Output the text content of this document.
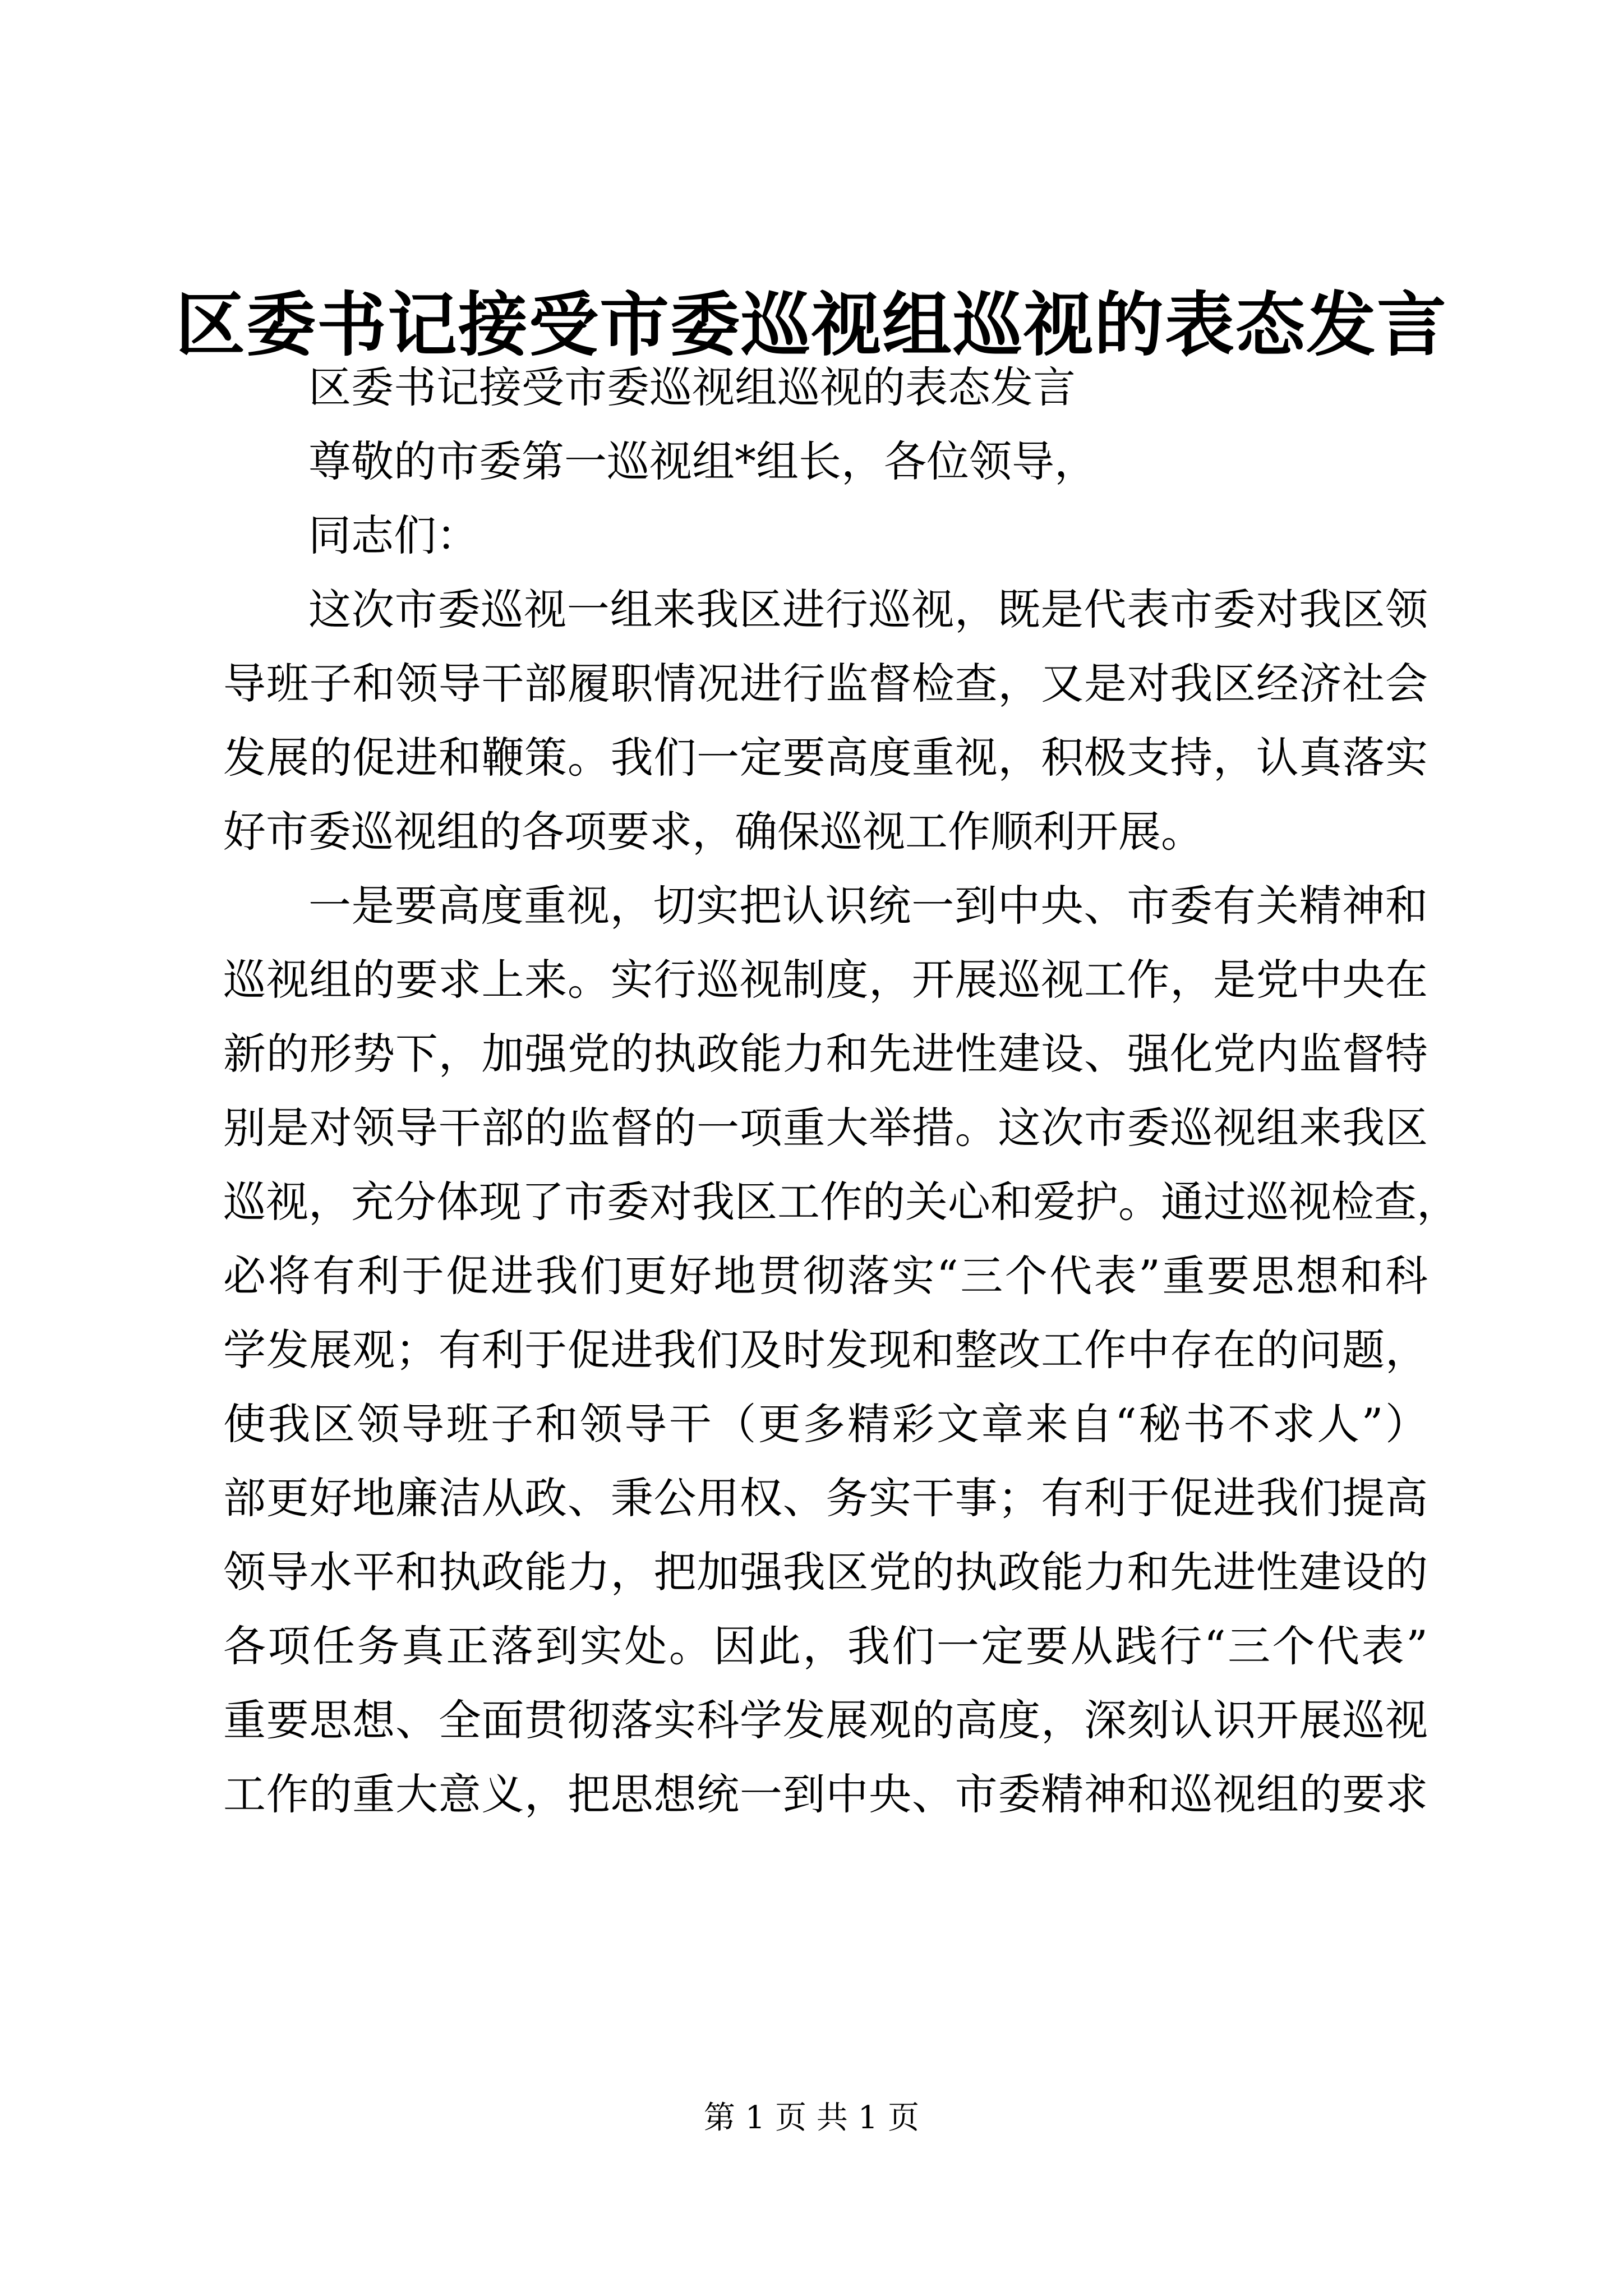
区委书记接受市委巡视组巡视的表态发言
区委书记接受市委巡视组巡视的表态发言
尊敬的市委第一巡视组*组长，各位领导，
同志们：
这次市委巡视一组来我区进行巡视，既是代表市委对我区领
导班子和领导干部履职情况进行监督检查，又是对我区经济社会
发展的促进和鞭策。我们一定要高度重视，积极支持，认真落实
好市委巡视组的各项要求，确保巡视工作顺利开展。
一是要高度重视，切实把认识统一到中央、市委有关精神和
巡视组的要求上来。实行巡视制度，开展巡视工作，是党中央在
新的形势下，加强党的执政能力和先进性建设、强化党内监督特
别是对领导干部的监督的一项重大举措。这次市委巡视组来我区
巡视，充分体现了市委对我区工作的关心和爱护。通过巡视检查，
必将有利于促进我们更好地贯彻落实“三个代表”重要思想和科
学发展观；有利于促进我们及时发现和整改工作中存在的问题，
使我区领导班子和领导干（更多精彩文章来自“秘书不求人”）
部更好地廉洁从政、秉公用权、务实干事；有利于促进我们提高
领导水平和执政能力，把加强我区党的执政能力和先进性建设的
各项任务真正落到实处。因此，我们一定要从践行“三个代表”
重要思想、全面贯彻落实科学发展观的高度，深刻认识开展巡视
工作的重大意义，把思想统一到中央、市委精神和巡视组的要求
第 1 页 共 1 页
